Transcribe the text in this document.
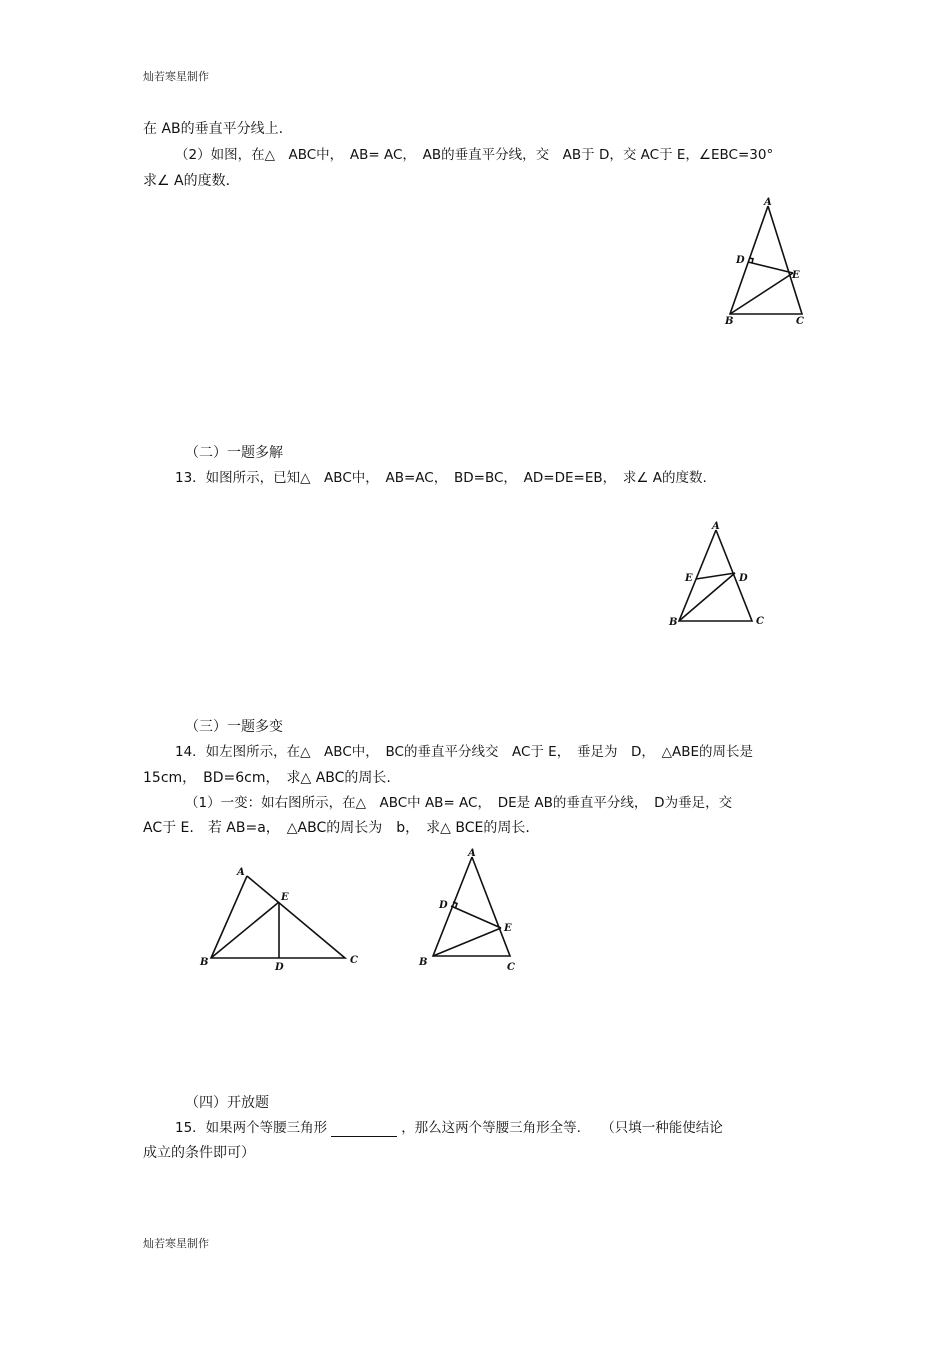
灿若寒星制作
在 AB的垂直平分线上.
（2）如图，在△　ABC中，　AB= AC，　AB的垂直平分线，交　AB于 D，交 AC于 E，∠EBC=30°
求∠ A的度数．
A
D
E
B	C
（二）一题多解
13．如图所示，已知△　ABC中，　AB=AC，　BD=BC，　AD=DE=EB，　求∠ A的度数.
A
E	D
B	C
（三）一题多变
14．如左图所示，在△　ABC中，　BC的垂直平分线交　AC于 E，　垂足为　D，　△ABE的周长是
15cm，　BD=6cm，　求△ ABC的周长.
（1）一变：如右图所示，在△　ABC中 AB= AC，　DE是 AB的垂直平分线，　D为垂足，交
AC于 E.　若 AB=a，　△ABC的周长为　b，　求△ BCE的周长.
A
E
B	D
C
A
D
E
B	C
（四）开放题
15．如果两个等腰三角形	，那么这两个等腰三角形全等.　　（只填一种能使结论
成立的条件即可）
灿若寒星制作
